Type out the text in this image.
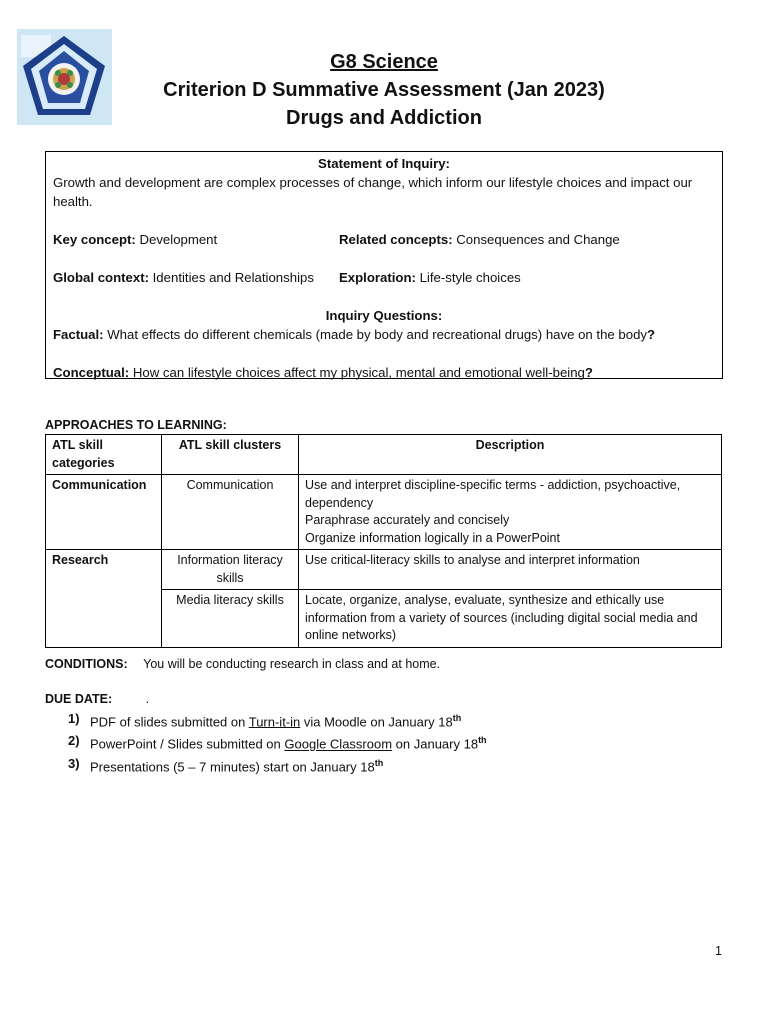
G8 Science
Criterion D Summative Assessment (Jan 2023)
Drugs and Addiction
Statement of Inquiry:
Growth and development are complex processes of change, which inform our lifestyle choices and impact our health.
Key concept: Development	Related concepts: Consequences and Change
Global context: Identities and Relationships	Exploration: Life-style choices
Inquiry Questions:
Factual: What effects do different chemicals (made by body and recreational drugs) have on the body?
Conceptual: How can lifestyle choices affect my physical, mental and emotional well-being?
APPROACHES TO LEARNING:
ATL skill categories	ATL skill clusters	Description
Communication	Communication	Use and interpret discipline-specific terms - addiction, psychoactive, dependency
Paraphrase accurately and concisely
Organize information logically in a PowerPoint

Research	Information literacy skills	Use critical-literacy skills to analyse and interpret information
	Media literacy skills	Locate, organize, analyse, evaluate, synthesize and ethically use information from a variety of sources (including digital social media and online networks)
CONDITIONS: You will be conducting research in class and at home.
DUE DATE:	.
1) PDF of slides submitted on Turn-it-in via Moodle on January 18th
2) PowerPoint / Slides submitted on Google Classroom on January 18th
3) Presentations (5 – 7 minutes) start on January 18th
1
